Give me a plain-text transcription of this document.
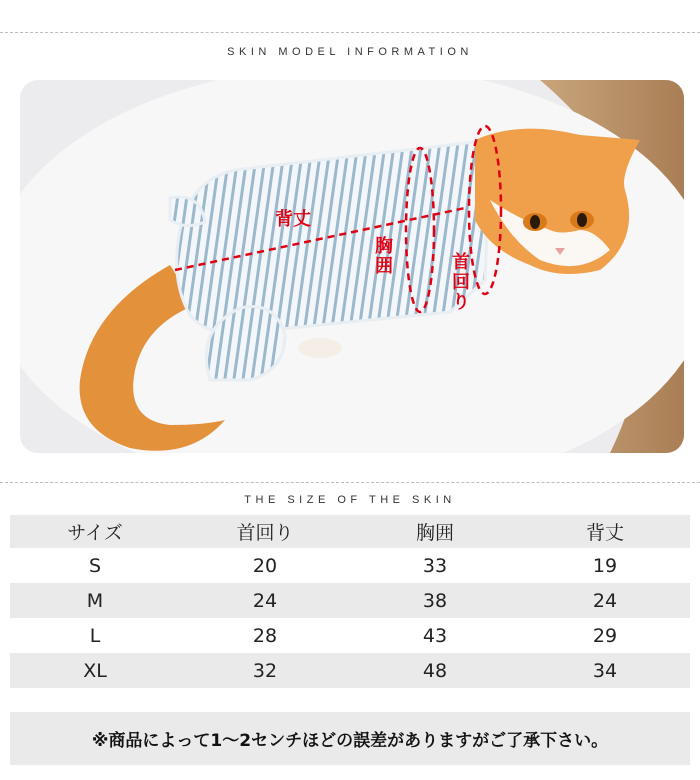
SKIN MODEL INFORMATION
背丈
胸囲	首回り
THE SIZE OF THE SKIN
サイズ	首回り	胸囲	背丈
S	20	33	19
M	24	38	24
L	28	43	29
XL	32	48	34
※商品によって1〜2センチほどの誤差がありますがご了承下さい。
